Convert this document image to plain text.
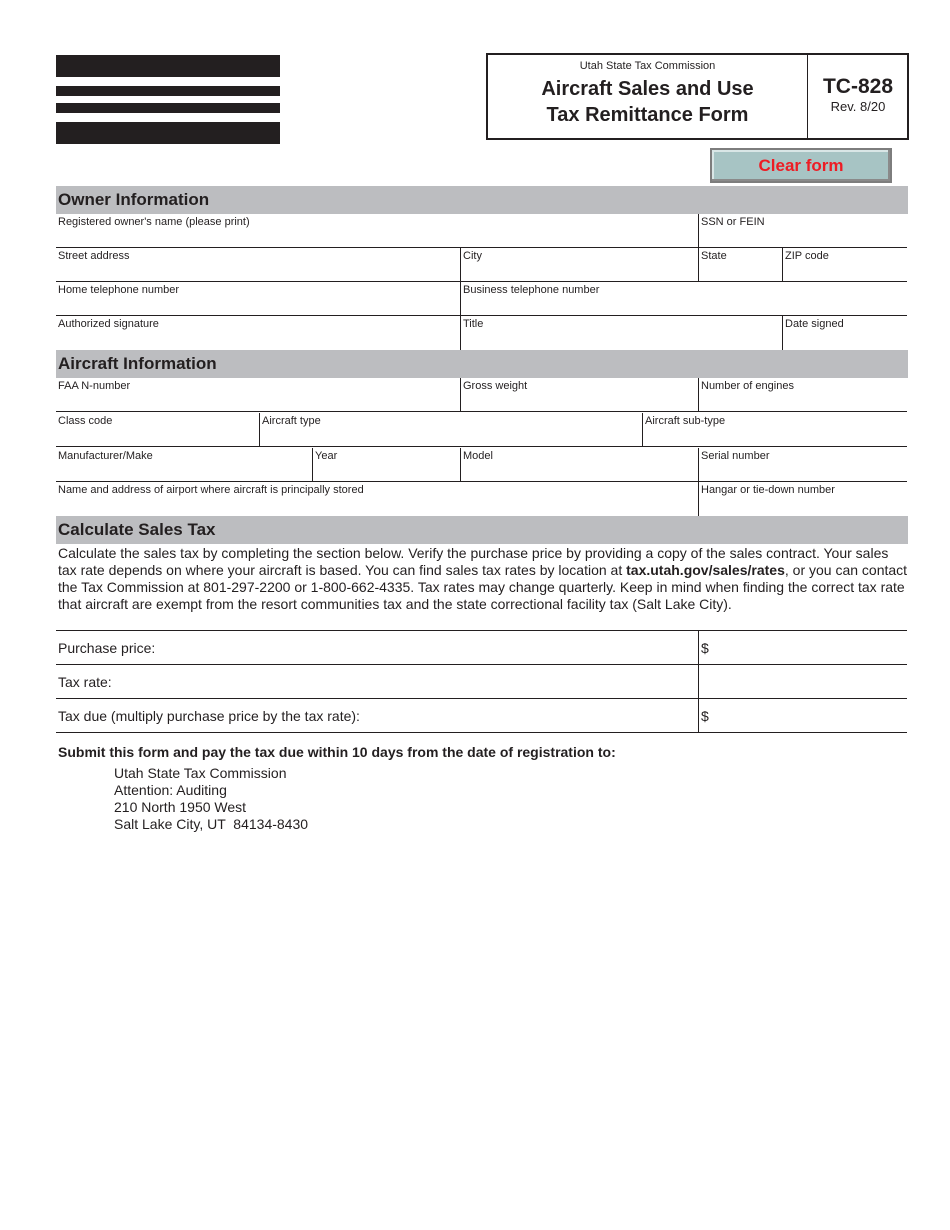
Utah State Tax Commission
Aircraft Sales and Use
Tax Remittance Form
TC-828
Rev. 8/20
Clear form
Owner Information
Registered owner's name (please print)	SSN or FEIN
Street address	City	State	ZIP code
Home telephone number	Business telephone number
Authorized signature	Title	Date signed
Aircraft Information
FAA N-number	Gross weight	Number of engines
Class code	Aircraft type	Aircraft sub-type
Manufacturer/Make	Year	Model	Serial number
Name and address of airport where aircraft is principally stored	Hangar or tie-down number
Calculate Sales Tax
Calculate the sales tax by completing the section below. Verify the purchase price by providing a copy of the sales contract. Your sales tax rate depends on where your aircraft is based. You can find sales tax rates by location at tax.utah.gov/sales/rates, or you can contact the Tax Commission at 801-297-2200 or 1-800-662-4335. Tax rates may change quarterly. Keep in mind when finding the correct tax rate that aircraft are exempt from the resort communities tax and the state correctional facility tax (Salt Lake City).
Purchase price:	$
Tax rate:
Tax due (multiply purchase price by the tax rate):	$
Submit this form and pay the tax due within 10 days from the date of registration to:
Utah State Tax Commission
Attention: Auditing
210 North 1950 West
Salt Lake City, UT  84134-8430
